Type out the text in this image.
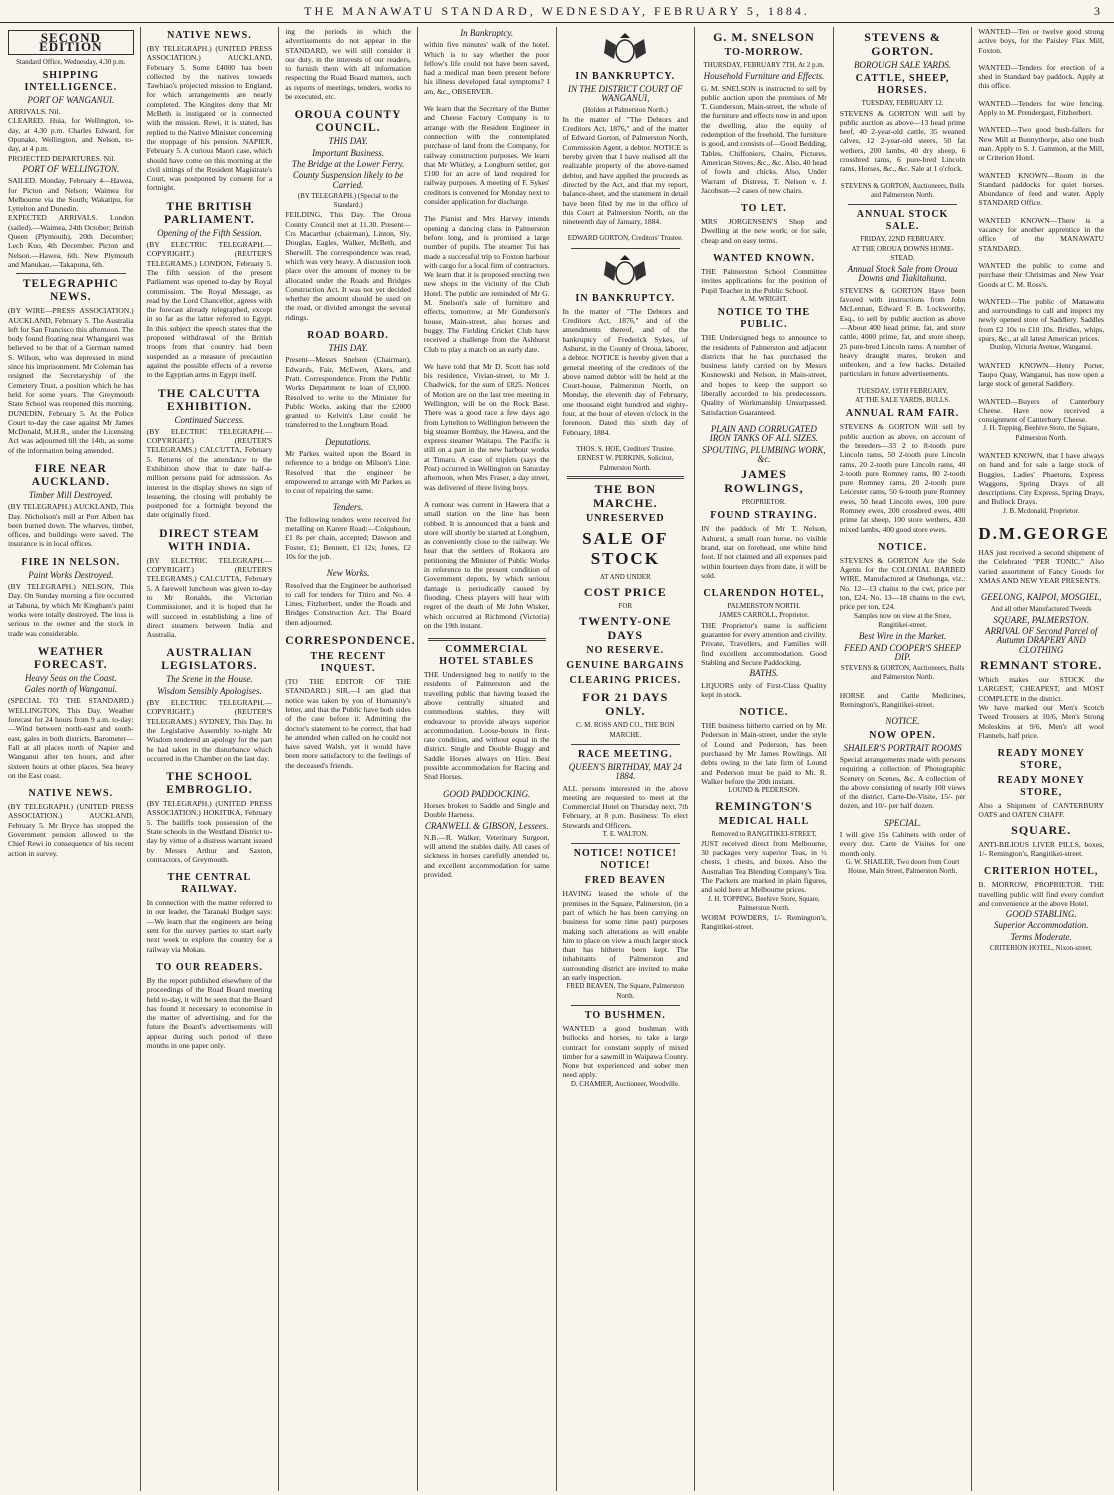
THE MANAWATU STANDARD, WEDNESDAY, FEBRUARY 5, 1884.	3
SECOND EDITION
Standard Office, Wednesday, 4.30 p.m.
SHIPPING INTELLIGENCE.
PORT OF WANGANUI.
ARRIVALS. Nil.
CLEARED. Huia, for Wellington, to-day, at 4.30 p.m. Charles Edward, for Opunake, Wellington, and Nelson, to-day, at 4 p.m.
PROJECTED DEPARTURES. Nil.
PORT OF WELLINGTON.
SAILED. Monday, February 4—Hawea, for Picton and Nelson; Waimea for Melbourne via the South; Wakatipu, for Lyttelton and Dunedin.
EXPECTED ARRIVALS. London (sailed).—Waimea, 24th October; British Queen (Plymouth), 20th December; Lech Kuo, 4th December. Picton and Nelson.—Hawea, 6th. New Plymouth and Manukau.—Takapuna, 6th.
TELEGRAPHIC NEWS.
(BY WIRE—PRESS ASSOCIATION.) AUCKLAND, February 5. The Australia left for San Francisco this afternoon. The body found floating near Whangarei was believed to be that of a German named S. Wilson, who was depressed in mind since his imprisonment. Mr Coleman has resigned the Secretaryship of the Cemetery Trust, a position which he has held for some years. The Greymouth State School was reopened this morning. DUNEDIN, February 5. At the Police Court to-day the case against Mr James McDonald, M.H.R., under the Licensing Act was adjourned till the 14th, as some of the information being amended.
FIRE NEAR AUCKLAND.
Timber Mill Destroyed.
(BY TELEGRAPH.) AUCKLAND, This Day. Nicholson's mill at Port Albert has been burned down. The wharves, timber, offices, and buildings were saved. The insurance is in local offices.
FIRE IN NELSON.
Paint Works Destroyed.
(BY TELEGRAPH.) NELSON, This Day. On Sunday morning a fire occurred at Tahuna, by which Mr Kingham's paint works were totally destroyed. The loss is serious to the owner and the stock in trade was considerable.
WEATHER FORECAST.
Heavy Seas on the Coast.
Gales north of Wanganui.
(SPECIAL TO THE STANDARD.) WELLINGTON, This Day. Weather forecast for 24 hours from 9 a.m. to-day:—Wind between north-east and south-east, gales in both districts. Barometer—Fall at all places north of Napier and Wanganui after ten hours, and after sixteen hours at other places. Sea heavy on the East coast.
NATIVE NEWS.
(BY TELEGRAPH.) (UNITED PRESS ASSOCIATION.) AUCKLAND, February 5. Mr Bryce has stopped the Government pension allowed to the Chief Rewi in consequence of his recent action in survey.
NATIVE NEWS.
(BY TELEGRAPH.) (UNITED PRESS ASSOCIATION.) AUCKLAND, February 5. Some £4000 has been collected by the natives towards Tawhiao's projected mission to England, for which arrangements are nearly completed. The Kingites deny that Mr McBeth is instigated or is connected with the mission. Rewi, it is stated, has replied to the Native Minister concerning the stoppage of his pension. NAPIER, February 5. A curious Maori case, which should have come on this morning at the civil sittings of the Resident Magistrate's Court, was postponed by consent for a fortnight.
THE BRITISH PARLIAMENT.
Opening of the Fifth Session.
(BY ELECTRIC TELEGRAPH.—COPYRIGHT.) (REUTER'S TELEGRAMS.) LONDON, February 5. The fifth session of the present Parliament was opened to-day by Royal commission. The Royal Message, as read by the Lord Chancellor, agrees with the forecast already telegraphed, except in so far as the latter referred to Egypt. In this subject the speech states that the proposed withdrawal of the British troops from that country had been suspended as a measure of precaution against the possible effects of a reverse to the Egyptian arms in Egypt itself.
THE CALCUTTA EXHIBITION.
Continued Success.
(BY ELECTRIC TELEGRAPH.—COPYRIGHT.) (REUTER'S TELEGRAMS.) CALCUTTA, February 5. Returns of the attendance to the Exhibition show that to date half-a-million persons paid for admission. As interest in the display shows no sign of lessening, the closing will probably be postponed for a fortnight beyond the date originally fixed.
DIRECT STEAM WITH INDIA.
(BY ELECTRIC TELEGRAPH.—COPYRIGHT.) (REUTER'S TELEGRAMS.) CALCUTTA, February 5. A farewell luncheon was given to-day to Mr Ronalds, the Victorian Commissioner, and it is hoped that he will succeed in establishing a line of direct steamers between India and Australia.
AUSTRALIAN LEGISLATORS.
The Scene in the House.
Wisdom Sensibly Apologises.
(BY ELECTRIC TELEGRAPH.—COPYRIGHT.) (REUTER'S TELEGRAMS.) SYDNEY, This Day. In the Legislative Assembly to-night Mr Wisdom tendered an apology for the part he had taken in the disturbance which occurred in the Chamber on the last day.
THE SCHOOL EMBROGLIO.
(BY TELEGRAPH.) (UNITED PRESS ASSOCIATION.) HOKITIKA, February 5. The bailiffs took possession of the State schools in the Westland District to-day by virtue of a distress warrant issued by Messrs Arthur and Saxton, contractors, of Greymouth.
THE CENTRAL RAILWAY.
In connection with the matter referred to in our leader, the Taranaki Budget says:—We learn that the engineers are being sent for the survey parties to start early next week to explore the country for a railway via Mokau.
TO OUR READERS.
By the report published elsewhere of the proceedings of the Road Board meeting held to-day, it will be seen that the Board has found it necessary to economise in the matter of advertising, and for the future the Board's advertisements will appear during such period of three months in one paper only.
ing the periods in which the advertisements do not appear in the STANDARD, we will still consider it our duty, in the interests of our readers, to furnish them with all information respecting the Road Board matters, such as reports of meetings, tenders, works to be executed, etc.
OROUA COUNTY COUNCIL.
THIS DAY.
Important Business.
The Bridge at the Lower Ferry.
County Suspension likely to be Carried.
(BY TELEGRAPH.) (Special to the Standard.)
FEILDING, This Day. The Oroua County Council met at 11.30. Present—Crs Macarthur (chairman), Linton, Sly, Douglas, Eagles, Walker, McBeth, and Sherwill. The correspondence was read, which was very heavy. A discussion took place over the amount of money to be allocated under the Roads and Bridges Construction Act. It was not yet decided whether the amount should be used on the road, or divided amongst the several ridings.
ROAD BOARD.
THIS DAY.
Present—Messrs Snelson (Chairman), Edwards, Fair, McEwen, Akers, and Pratt. Correspondence. From the Public Works Department re loan of £3,000. Resolved to write to the Minister for Public Works, asking that the £2000 granted to Kelvin's Line could be transferred to the Longburn Road.
Deputations.
Mr Parkes waited upon the Board in reference to a bridge on Milson's Line. Resolved that the engineer be empowered to arrange with Mr Parkes as to cost of repairing the same.
Tenders.
The following tenders were received for metalling on Karere Road:—Colquhoun, £1 8s per chain, accepted; Dawson and Foster, £1; Bennett, £1 12s; Jones, £2 10s for the job.
New Works.
Resolved that the Engineer be authorised to call for tenders for Titiro and No. 4 Lines, Fitzherbert, under the Roads and Bridges Construction Act. The Board then adjourned.
CORRESPONDENCE.
THE RECENT INQUEST.
(TO THE EDITOR OF THE STANDARD.) SIR,—I am glad that notice was taken by you of Humanity's letter, and that the Public have both sides of the case before it. Admitting the doctor's statement to be correct, that had he attended when called on he could not have saved Walsh, yet it would have been more satisfactory to the feelings of the deceased's friends.
In Bankruptcy.
within five minutes' walk of the hotel. Which is to say whether the poor fellow's life could not have been saved, had a medical man been present before his illness developed fatal symptoms? I am, &c., OBSERVER.
We learn that the Secretary of the Butter and Cheese Factory Company is to arrange with the Resident Engineer in connection with the contemplated purchase of land from the Company, for railway construction purposes. We learn that Mr Whitley, a Longburn settler, got £100 for an acre of land required for railway purposes. A meeting of F. Sykes' creditors is convened for Monday next to consider application for discharge.
The Pianist and Mrs Harvey intends opening a dancing class in Palmerston before long, and is promised a large number of pupils. The steamer Tui has made a successful trip to Foxton harbour with cargo for a local firm of contractors. We learn that it is proposed erecting two new shops in the vicinity of the Club Hotel. The public are reminded of Mr G. M. Snelson's sale of furniture and effects, tomorrow, at Mr Gunderson's house, Main-street, also horses and buggy. The Fielding Cricket Club have received a challenge from the Ashhurst Club to play a match on an early date.
We have told that Mr D. Scott has sold his residence, Vivian-street, to Mr J. Chadwick, for the sum of £825. Notices of Motion are on the last tree meeting in Wellington, will be on the Rock Base. There was a good race a few days ago from Lyttelton to Wellington between the big steamer Bombay, the Hawea, and the express steamer Waitapu. The Pacific is still on a part in the new harbour works at Timaru. A case of triplets (says the Post) occurred in Wellington on Saturday afternoon, when Mrs Fraser, a day street, was delivered of three living boys.
A rumour was current in Hawera that a small station on the line has been robbed. It is announced that a bank and store will shortly be started at Longburn, as conveniently close to the railway. We hear that the settlers of Rokaora are petitioning the Minister of Public Works in reference to the present condition of Government depots, by which serious damage is periodically caused by flooding. Chess players will hear with regret of the death of Mr John Wisker, which occurred at Richmond (Victoria) on the 19th instant.
COMMERCIAL HOTEL STABLES
THE Undersigned beg to notify to the residents of Palmerston and the travelling public that having leased the above centrally situated and commodious stables, they will endeavour to provide always superior accommodation. Loose-boxes in first-rate condition, and without equal in the district. Single and Double Buggy and Saddle Horses always on Hire. Best possible accommodation for Racing and Stud Horses.
GOOD PADDOCKING.
Horses broken to Saddle and Single and Double Harness.
CRANWELL & GIBSON, Lessees.
N.B.—R. Walker, Veterinary Surgeon, will attend the stables daily. All cases of sickness in horses carefully attended to, and excellent accommodation for same provided.
IN BANKRUPTCY.
IN THE DISTRICT COURT OF WANGANUI,
(Holden at Palmerston North.)
In the matter of "The Debtors and Creditors Act, 1876," and of the matter of Edward Gorton, of Palmerston North, Commission Agent, a debtor. NOTICE is hereby given that I have realised all the realizable property of the above-named debtor, and have applied the proceeds as directed by the Act, and that my report, balance-sheet, and the statement in detail have been filed by me in the office of this Court at Palmerston North, on the nineteenth day of January, 1884.
EDWARD GORTON, Creditors' Trustee.
IN BANKRUPTCY.
In the matter of "The Debtors and Creditors Act, 1876," and of the amendments thereof, and of the bankruptcy of Frederick Sykes, of Ashurst, in the County of Oroua, laborer, a debtor. NOTICE is hereby given that a general meeting of the creditors of the above named debtor will be held at the Court-house, Palmerston North, on Monday, the eleventh day of February, one thousand eight hundred and eighty-four, at the hour of eleven o'clock in the forenoon. Dated this sixth day of February, 1884.
THOS. S. HOE, Creditors' Trustee.
ERNEST W. PERKINS, Solicitor, Palmerston North.
THE BON MARCHE.
UNRESERVED
SALE OF STOCK
AT AND UNDER
COST PRICE
FOR
TWENTY-ONE DAYS
NO RESERVE.
GENUINE BARGAINS
CLEARING PRICES.
FOR 21 DAYS ONLY.
C. M. ROSS AND CO., THE BON MARCHE.
RACE MEETING.
QUEEN'S BIRTHDAY, MAY 24 1884.
ALL persons interested in the above meeting are requested to meet at the Commercial Hotel on Thursday next, 7th February, at 8 p.m. Business: To elect Stewards and Officers.
T. E. WALTON.
NOTICE! NOTICE! NOTICE!
FRED BEAVEN
HAVING leased the whole of the premises in the Square, Palmerston, (in a part of which he has been carrying on business for some time past) purposes making such alterations as will enable him to place on view a much larger stock than has hitherto been kept. The inhabitants of Palmerston and surrounding district are invited to make an early inspection.
FRED BEAVEN, The Square, Palmerston North.
TO BUSHMEN.
WANTED a good bushman with bullocks and horses, to take a large contract for constant supply of mixed timber for a sawmill in Waipawa County. None but experienced and sober men need apply.
D. CHAMIER, Auctioneer, Woodville.
G. M. SNELSON
TO-MORROW.
THURSDAY, FEBRUARY 7TH, At 2 p.m.
Household Furniture and Effects.
G. M. SNELSON is instructed to sell by public auction upon the premises of Mr T. Gunderson, Main-street, the whole of the furniture and effects now in and upon the dwelling, also the equity of redemption of the freehold. The furniture is good, and consists of—Good Bedding, Tables, Chiffoniers, Chairs, Pictures, American Stoves, &c., &c. Also, 40 head of fowls and chicks. Also, Under Warrant of Distress, T. Nelson v. J. Jacobson—2 cases of new chairs.
TO LET.
MRS JORGENSEN'S Shop and Dwelling at the new work; or for sale, cheap and on easy terms.
WANTED KNOWN.
THE Palmerston School Committee invites applications for the position of Pupil Teacher in the Public School.
A. M. WRIGHT.
NOTICE TO THE PUBLIC.
THE Undersigned begs to announce to the residents of Palmerston and adjacent districts that he has purchased the business lately carried on by Messrs Kosnowski and Nelson, in Main-street, and hopes to keep the support so liberally accorded to his predecessors. Quality of Workmanship Unsurpassed. Satisfaction Guaranteed.
PLAIN AND CORRUGATED IRON TANKS OF ALL SIZES.
SPOUTING, PLUMBING WORK, &c.
JAMES ROWLINGS,
PROPRIETOR.
FOUND STRAYING.
IN the paddock of Mr T. Nelson, Ashurst, a small roan horse, no visible brand, star on forehead, one white hind foot. If not claimed and all expenses paid within fourteen days from date, it will be sold.
CLARENDON HOTEL,
PALMERSTON NORTH.
JAMES CARROLL, Proprietor.
THE Proprietor's name is sufficient guarantee for every attention and civility. Private, Travellers, and Families will find excellent accommodation. Good Stabling and Secure Paddocking.
BATHS.
LIQUORS only of First-Class Quality kept in stock.
NOTICE.
THE business hitherto carried on by Mr. Pederson in Main-street, under the style of Lound and Pederson, has been purchased by Mr James Rowlings. All debts owing to the late firm of Lound and Pederson must be paid to Mr. R. Walker before the 20th instant.
LOUND & PEDERSON.
REMINGTON'S
MEDICAL HALL
Removed to RANGITIKEI-STREET,
JUST received direct from Melbourne, 30 packages very superior Teas, in ½ chests, 1 chests, and boxes. Also the Australian Tea Blending Company's Tea. The Packets are marked in plain figures, and sold here at Melbourne prices.
J. H. TOPPING, Beehive Store, Square, Palmerston North.
WORM POWDERS, 1/- Remington's, Rangitikei-street.
STEVENS & GORTON.
BOROUGH SALE YARDS.
CATTLE, SHEEP, HORSES.
TUESDAY, FEBRUARY 12.
STEVENS & GORTON Will sell by public auction as above—13 head prime beef, 40 2-year-old cattle, 35 weaned calves, 12 2-year-old steers, 50 fat wethers, 200 lambs, 40 dry sheep, 6 crossbred rams, 6 pure-bred Lincoln rams, Horses, &c., &c. Sale at 1 o'clock.
STEVENS & GORTON, Auctioneers, Bulls and Palmerston North.
ANNUAL STOCK SALE.
FRIDAY, 22ND FEBRUARY.
AT THE OROUA DOWNS HOME-STEAD.
Annual Stock Sale from Oroua Downs and Tiakitahuna.
STEVENS & GORTON Have been favored with instructions from John McLennan, Edward F. B. Lockworthy, Esq., to sell by public auction as above—About 400 head prime, fat, and store cattle, 4000 prime, fat, and store sheep, 25 pure-bred Lincoln rams. A number of heavy draught mares, broken and unbroken, and a few hacks. Detailed particulars in future advertisements.
TUESDAY, 19TH FEBRUARY,
AT THE SALE YARDS, BULLS.
ANNUAL RAM FAIR.
STEVENS & GORTON Will sell by public auction as above, on account of the breeders—33 2 to 8-tooth pure Lincoln rams, 50 2-tooth pure Lincoln rams, 20 2-tooth pure Lincoln rams, 40 2-tooth pure Romney rams, 80 2-tooth pure Romney rams, 20 2-tooth pure Leicester rams, 50 6-tooth pure Romney ewes, 50 head Lincoln ewes, 100 pure Romney ewes, 200 crossbred ewes, 400 prime fat sheep, 100 store wethers, 430 mixed lambs, 400 good store ewes.
NOTICE.
STEVENS & GORTON Are the Sole Agents for the COLONIAL BARBED WIRE, Manufactured at Onehunga, viz.: No. 12—13 chains to the cwt, price per ton, £24. No. 13—18 chains to the cwt, price per ton, £24.
Samples now on view at the Store, Rangitikei-street.
Best Wire in the Market.
FEED AND COOPER'S SHEEP DIP.
STEVENS & GORTON, Auctioneers, Bulls and Palmerston North.
HORSE and Cattle Medicines, Remington's, Rangitikei-street.
NOTICE.
NOW OPEN.
SHAILER'S PORTRAIT ROOMS
Special arrangements made with persons requiring a collection of Photographic Scenery on Scenes, &c. A collection of the above consisting of nearly 100 views of the district. Carte-De-Visite, 15/- per dozen, and 10/- per half dozen.
SPECIAL.
I will give 15s Cabinets with order of every doz. Carte de Visites for one month only.
G. W. SHAILER, Two doors from Court House, Main Street, Palmerston North.
WANTED—Ten or twelve good strong active boys, for the Paisley Flax Mill, Foxton.
WANTED—Tenders for erection of a shed in Standard bay paddock. Apply at this office.
WANTED—Tenders for wire fencing. Apply to M. Prendergast, Fitzherbert.
WANTED—Two good bush-fallers for New Mill at Bunnythorpe, also one bush man. Apply to S. J. Gammon, at the Mill, or Criterion Hotel.
WANTED KNOWN—Room in the Standard paddocks for quiet horses. Abundance of feed and water. Apply STANDARD Office.
WANTED KNOWN—There is a vacancy for another apprentice in the office of the MANAWATU STANDARD.
WANTED the public to come and purchase their Christmas and New Year Goods at C. M. Ross's.
WANTED—The public of Manawatu and surroundings to call and inspect my newly opened store of Saddlery. Saddles from £2 10s to £10 10s. Bridles, whips, spurs, &c., at all latest American prices.
Dunlop, Victoria Avenue, Wanganui.
WANTED KNOWN—Henry Porter, Taupo Quay, Wanganui, has now open a large stock of general Saddlery.
WANTED—Buyers of Canterbury Cheese. Have now received a consignment of Canterbury Cheese.
J. H. Topping, Beehive Store, the Square, Palmerston North.
WANTED KNOWN, that I have always on hand and for sale a large stock of Buggies, Ladies' Phaetons, Express Waggons, Spring Drays of all descriptions. City Express, Spring Drays, and Bullock Drays.
J. B. Mcdonald, Proprietor.
D.M.GEORGE
HAS just received a second shipment of the Celebrated "PER TONIC." Also varied assortment of Fancy Goods for XMAS AND NEW YEAR PRESENTS.
GEELONG, KAIPOI, MOSGIEL,
And all other Manufactured Tweeds
SQUARE, PALMERSTON.
ARRIVAL OF Second Parcel of Autumn DRAPERY AND CLOTHING
REMNANT STORE.
Which makes our STOCK the LARGEST, CHEAPEST, and MOST COMPLETE in the district.
We have marked our Men's Scotch Tweed Trousers at 10/6, Men's Strong Moleskins at 9/6, Men's all wool Flannels, half price.
READY MONEY STORE,
READY MONEY STORE,
Also a Shipment of CANTERBURY OATS and OATEN CHAFF.
SQUARE.
ANTI-BILIOUS LIVER PILLS, boxes, 1/- Remington's, Rangitikei-street.
CRITERION HOTEL,
B. MORROW, PROPRIETOR. THE travelling public will find every comfort and convenience at the above Hotel.
GOOD STABLING.
Superior Accommodation.
Terms Moderate.
CRITERION HOTEL, Nixon-street.
